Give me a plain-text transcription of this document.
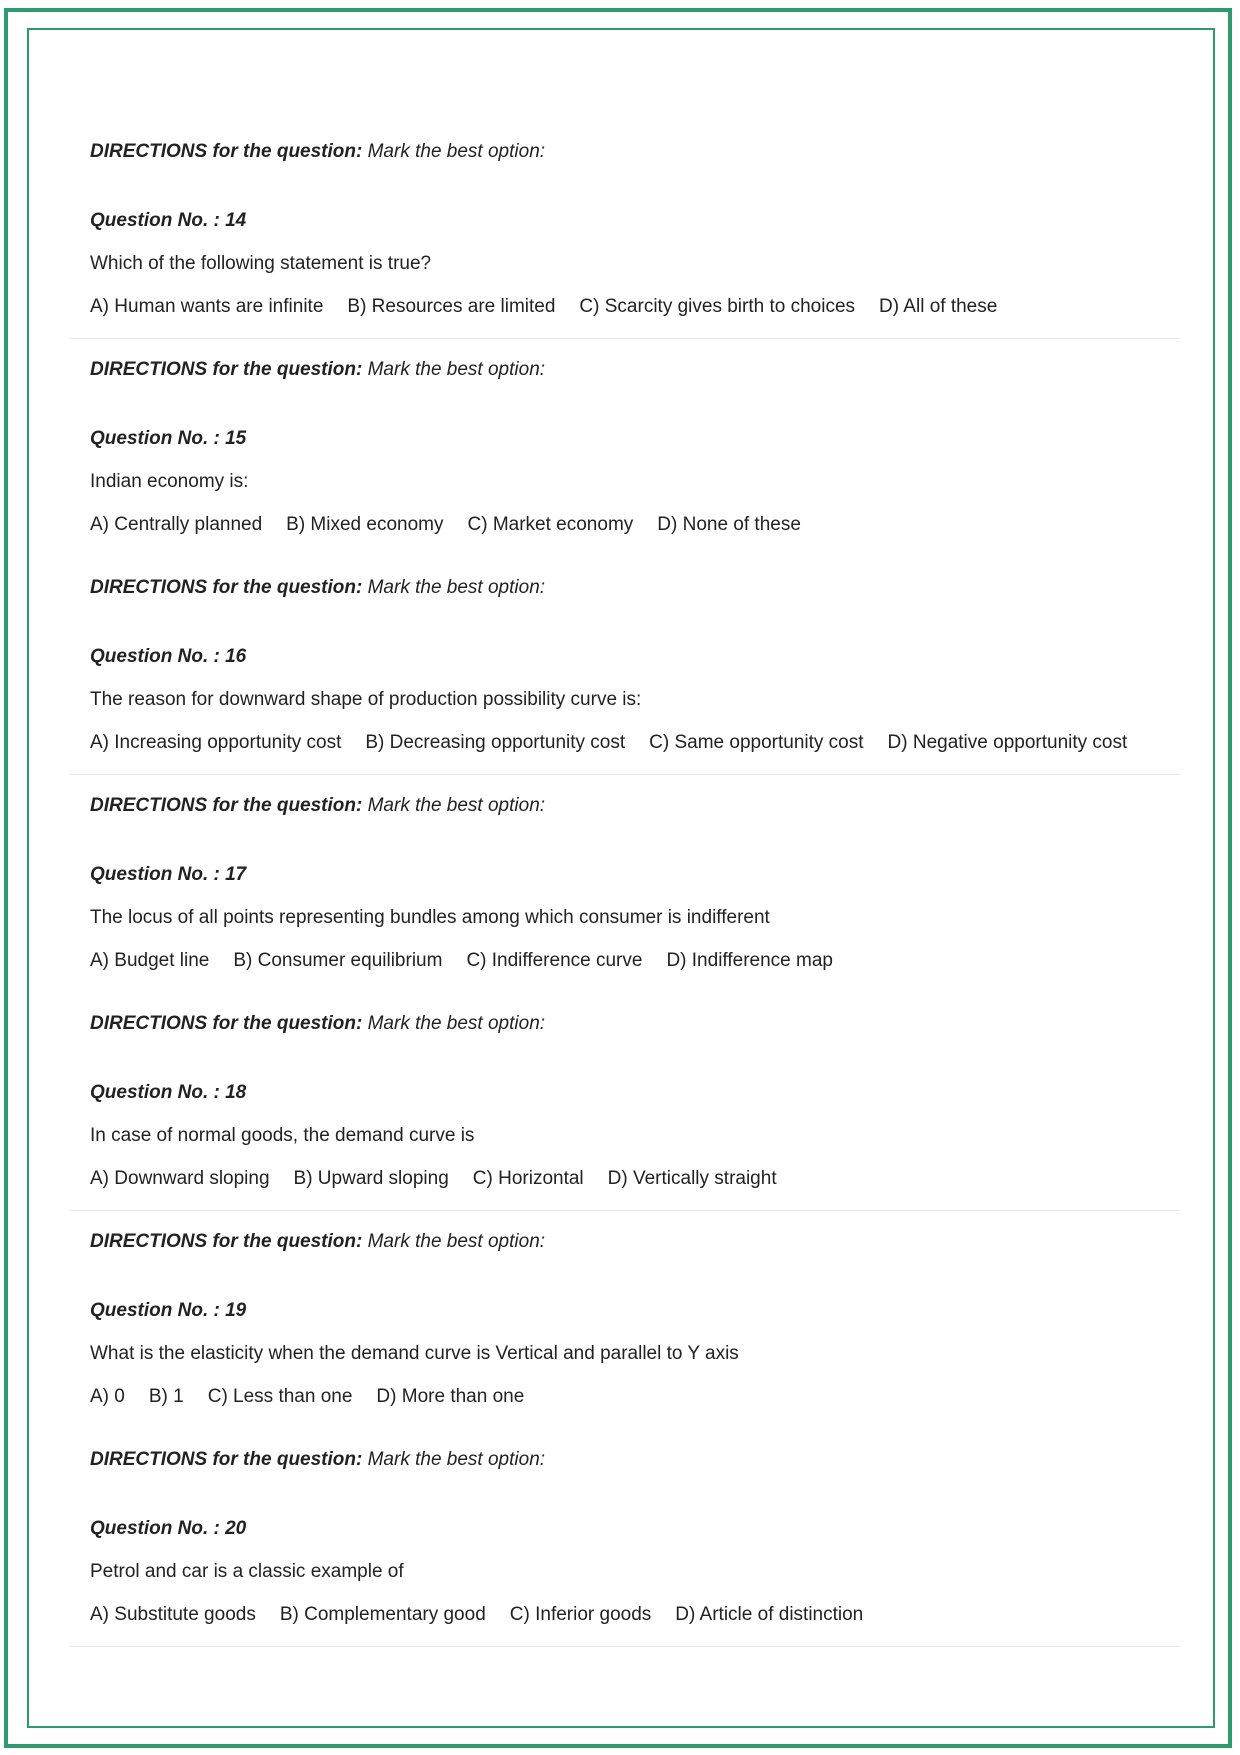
DIRECTIONS for the question: Mark the best option:
Question No. : 14
Which of the following statement is true?
A) Human wants are infinite B) Resources are limited C) Scarcity gives birth to choices D) All of these
DIRECTIONS for the question: Mark the best option:
Question No. : 15
Indian economy is:
A) Centrally planned B) Mixed economy C) Market economy D) None of these
DIRECTIONS for the question: Mark the best option:
Question No. : 16
The reason for downward shape of production possibility curve is:
A) Increasing opportunity cost B) Decreasing opportunity cost C) Same opportunity cost D) Negative opportunity cost
DIRECTIONS for the question: Mark the best option:
Question No. : 17
The locus of all points representing bundles among which consumer is indifferent
A) Budget line B) Consumer equilibrium C) Indifference curve D) Indifference map
DIRECTIONS for the question: Mark the best option:
Question No. : 18
In case of normal goods, the demand curve is
A) Downward sloping B) Upward sloping C) Horizontal D) Vertically straight
DIRECTIONS for the question: Mark the best option:
Question No. : 19
What is the elasticity when the demand curve is Vertical and parallel to Y axis
A) 0 B) 1 C) Less than one D) More than one
DIRECTIONS for the question: Mark the best option:
Question No. : 20
Petrol and car is a classic example of
A) Substitute goods B) Complementary good C) Inferior goods D) Article of distinction
